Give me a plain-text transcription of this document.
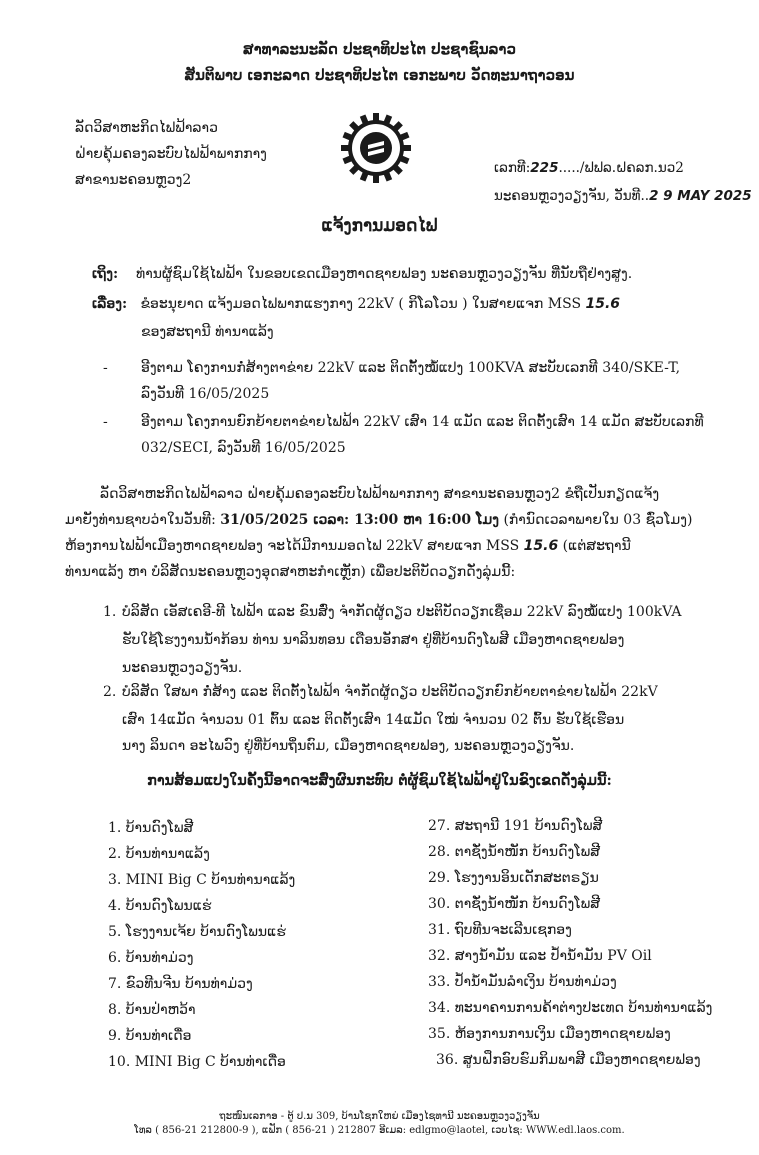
ສາທາລະນະລັດ ປະຊາທິປະໄຕ ປະຊາຊົນລາວ
ສັນຕິພາບ ເອກະລາດ ປະຊາທິປະໄຕ ເອກະພາບ ວັດທະນາຖາວອນ
ລັດວິສາຫະກິດໄຟຟ້າລາວ
ຝ່າຍຄຸ້ມຄອງລະບົບໄຟຟ້າພາກກາງ
ສາຂານະຄອນຫຼວງ2
ເລກທີ:225...../ຟຟລ.ຝຄລກ.ນວ2
ນະຄອນຫຼວງວຽງຈັນ, ວັນທີ..2 9 MAY 2025
ແຈ້ງການມອດໄຟ
ເຖິງ: ທ່ານຜູ້ຊົມໃຊ້ໄຟຟ້າ ໃນຂອບເຂດເມືອງຫາດຊາຍຟອງ ນະຄອນຫຼວງວຽງຈັນ ທີ່ນັບຖືຢ່າງສູງ.
ເລື່ອງ: ຂໍອະນຸຍາດ ແຈ້ງມອດໄຟພາກແຮງກາງ 22kV ( ກິໂລໂວນ ) ໃນສາຍແຈກ MSS 15.6
ຂອງສະຖານີ ທ່ານາແລ້ງ
- ອີງຕາມ ໂຄງການກໍ່ສ້າງຕາຂ່າຍ 22kV ແລະ ຕິດຕັ້ງໝໍ້ແປງ 100KVA ສະບັບເລກທີ 340/SKE-T,
ລົງວັນທີ 16/05/2025
- ອີງຕາມ ໂຄງການຍົກຍ້າຍຕາຂ່າຍໄຟຟ້າ 22kV ເສົາ 14 ແມັດ ແລະ ຕິດຕັ້ງເສົາ 14 ແມັດ ສະບັບເລກທີ
032/SECI, ລົງວັນທີ 16/05/2025
ລັດວິສາຫະກິດໄຟຟ້າລາວ ຝ່າຍຄຸ້ມຄອງລະບົບໄຟຟ້າພາກກາງ ສາຂານະຄອນຫຼວງ2 ຂໍຖືເປັນກຽດແຈ້ງ
ມາຍັງທ່ານຊາບວ່າໃນວັນທີ: 31/05/2025 ເວລາ: 13:00 ຫາ 16:00 ໂມງ (ກໍານົດເວລາພາຍໃນ 03 ຊົ່ວໂມງ)
ຫ້ອງການໄຟຟ້າເມືອງຫາດຊາຍຟອງ ຈະໄດ້ມີການມອດໄຟ 22kV ສາຍແຈກ MSS 15.6 (ແຕ່ສະຖານີ
ທ່ານາແລ້ງ ຫາ ບໍລິສັດນະຄອນຫຼວງອຸດສາຫະກໍາເຫຼັກ) ເພື່ອປະຕິບັດວຽກດັ່ງລຸ່ມນີ້:
1. ບໍລິສັດ ເອັສເຄອີ-ທີ ໄຟຟ້າ ແລະ ຂົນສົ່ງ ຈໍາກັດຜູ້ດຽວ ປະຕິບັດວຽກເຊື່ອມ 22kV ລົງໝໍ້ແປງ 100kVA
ຮັບໃຊ້ໂຮງງານນໍ້າກ້ອນ ທ່ານ ນາລິນທອນ ເດືອນອັກສາ ຢູ່ທີ່ບ້ານດົງໂພສີ ເມືອງຫາດຊາຍຟອງ
ນະຄອນຫຼວງວຽງຈັນ.
2. ບໍລິສັດ ໃສພາ ກໍ່ສ້າງ ແລະ ຕິດຕັ້ງໄຟຟ້າ ຈໍາກັດຜູ້ດຽວ ປະຕິບັດວຽກຍົກຍ້າຍຕາຂ່າຍໄຟຟ້າ 22kV
ເສົາ 14ແມັດ ຈໍານວນ 01 ຕົ້ນ ແລະ ຕິດຕັ້ງເສົາ 14ແມັດ ໃໝ່ ຈໍານວນ 02 ຕົ້ນ ຮັບໃຊ້ເຮືອນ
ນາງ ລິນດາ ອະໄພວົງ ຢູ່ທີ່ບ້ານຖິ່ນຕົມ, ເມືອງຫາດຊາຍຟອງ, ນະຄອນຫຼວງວຽງຈັນ.
ການສ້ອມແປງໃນຄັ້ງນີ້ອາດຈະສົ່ງຜົນກະທົບ ຕໍ່ຜູ້ຊົມໃຊ້ໄຟຟ້າຢູ່ໃນຂົງເຂດດັ່ງລຸ່ມນີ້:
1. ບ້ານດົງໂພສີ
2. ບ້ານທ່ານາແລ້ງ
3. MINI Big C ບ້ານທ່ານາແລ້ງ
4. ບ້ານດົງໂພນແຮ່
5. ໂຮງງານເຈ້ຍ ບ້ານດົງໂພນແຮ່
6. ບ້ານທ່າມ່ວງ
7. ຂົວທີນຈີນ ບ້ານທ່າມ່ວງ
8. ບ້ານປ່າຫວ້າ
9. ບ້ານທ່າເດື່ອ
10. MINI Big C ບ້ານທ່າເດື່ອ
27. ສະຖານີ 191 ບ້ານດົງໂພສີ
28. ຕາຊັ່ງນໍ້າໜັກ ບ້ານດົງໂພສີ
29. ໂຮງງານອິນເດັກສະຕຣຽນ
30. ຕາຊັ່ງນໍ້າໜັກ ບ້ານດົງໂພສີ
31. ຖົບທີນຈະເລີນເຊກອງ
32. ສາງນໍ້າມັນ ແລະ ປໍ້ານໍ້າມັນ PV Oil
33. ປໍ້ານໍ້າມັນລໍາເງິນ ບ້ານທ່າມ່ວງ
34. ທະນາຄານການຄ້າຕ່າງປະເທດ ບ້ານທ່ານາແລ້ງ
35. ຫ້ອງການການເງິນ ເມືອງຫາດຊາຍຟອງ
36. ສູນຝຶກອົບຮົມກິມພາສີ ເມືອງຫາດຊາຍຟອງ
ຖະໜົນເລກາອ - ຕູ້ ປ.ນ 309, ບ້ານໂຊກໃຫຍ່ ເມືອງໄຊທານີ ນະຄອນຫຼວງວຽງຈັນ
ໂທລ ( 856-21 212800-9 ), ແຟັກ ( 856-21 ) 212807 ອີເມລ: edlgmo@laotel, ເວບໄຊ: WWW.edl.laos.com.
